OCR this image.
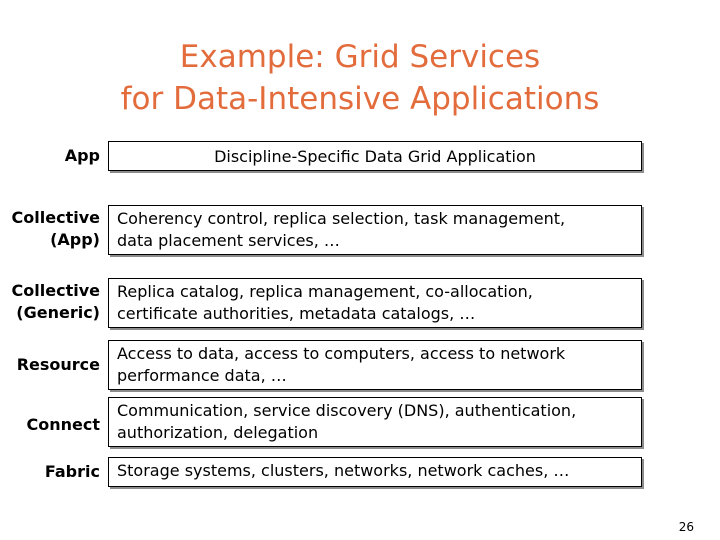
Example: Grid Services
for Data-Intensive Applications
App	Discipline-Specific Data Grid Application
Collective
(App)
Coherency control, replica selection, task management,
data placement services, …
Collective
(Generic)
Replica catalog, replica management, co-allocation,
certificate authorities, metadata catalogs, …
Resource
Access to data, access to computers, access to network
performance data, …
Connect
Communication, service discovery (DNS), authentication,
authorization, delegation
Fabric Storage systems, clusters, networks, network caches, …
26
